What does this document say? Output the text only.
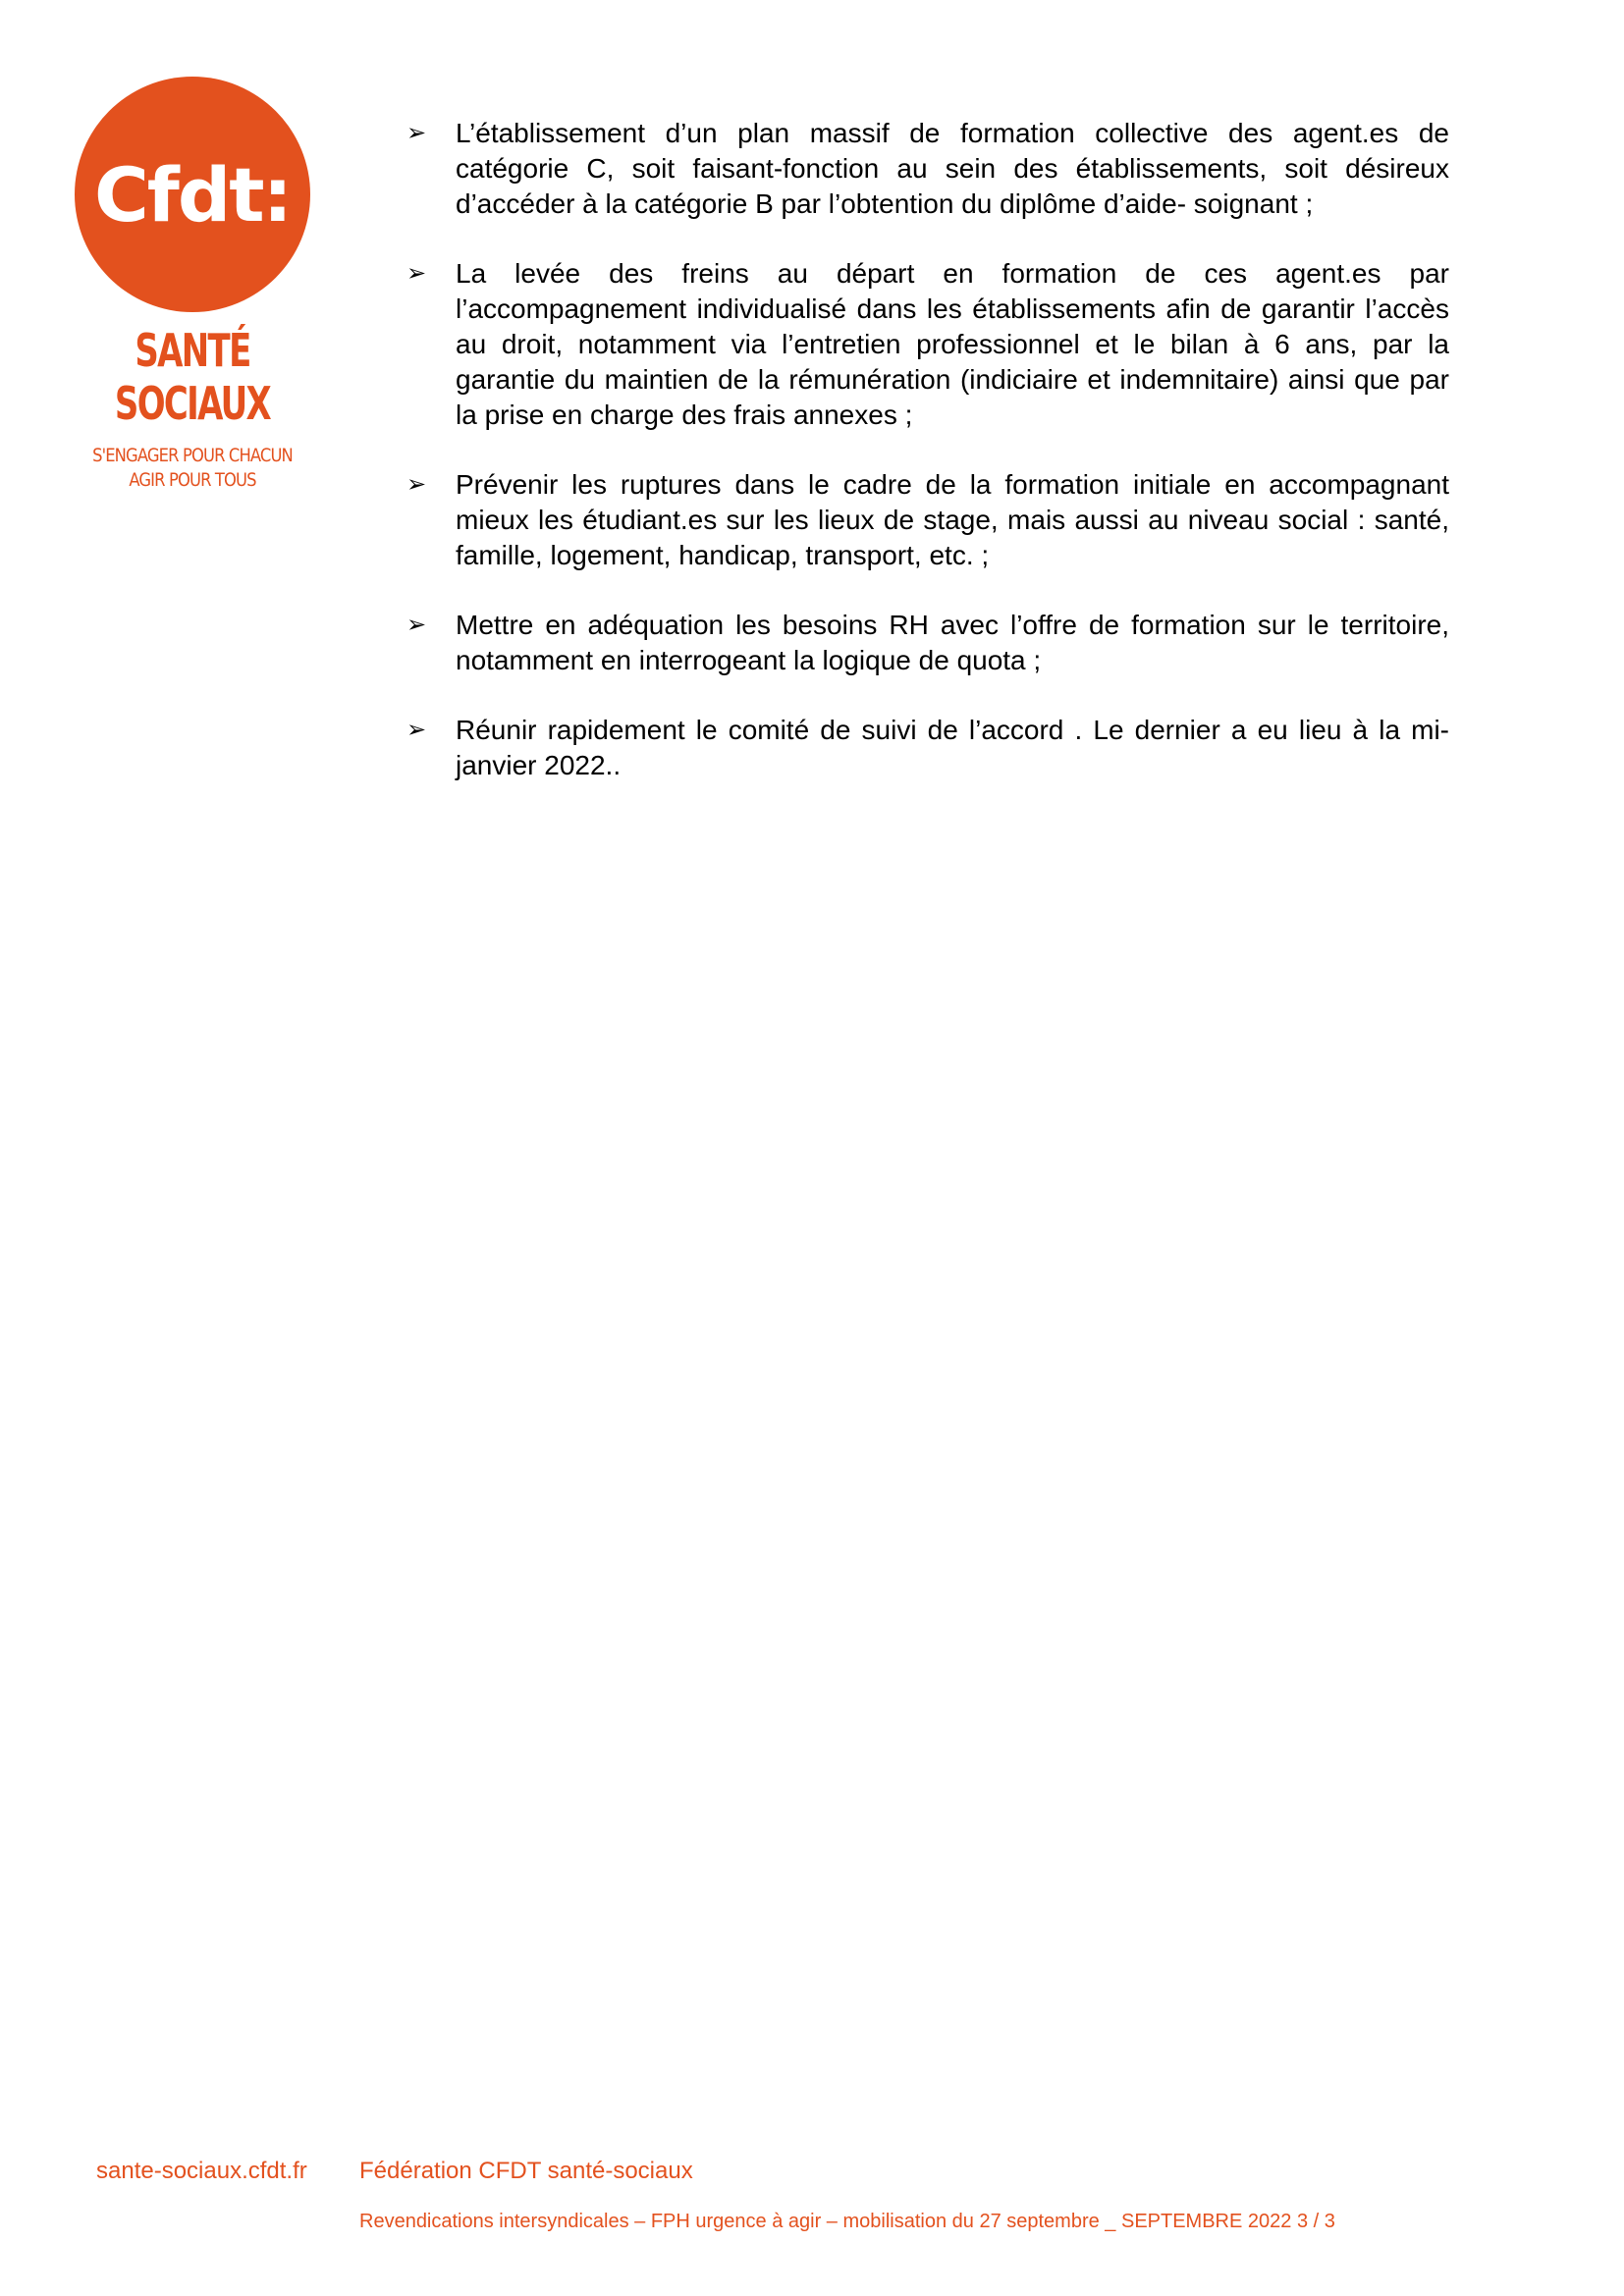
Cfdt:
SANTÉ
SOCIAUX
S'ENGAGER POUR CHACUN
AGIR POUR TOUS
➢ L’établissement d’un plan massif de formation collective des agent.es de catégorie C, soit faisant-fonction au sein des établissements, soit désireux d’accéder à la catégorie B par l’obtention du diplôme d’aide- soignant ;
➢ La levée des freins au départ en formation de ces agent.es par l’accompagnement individualisé dans les établissements afin de garantir l’accès au droit, notamment via l’entretien professionnel et le bilan à 6 ans, par la garantie du maintien de la rémunération (indiciaire et indemnitaire) ainsi que par la prise en charge des frais annexes ;
➢ Prévenir les ruptures dans le cadre de la formation initiale en accompagnant mieux les étudiant.es sur les lieux de stage, mais aussi au niveau social : santé, famille, logement, handicap, transport, etc. ;
➢ Mettre en adéquation les besoins RH avec l’offre de formation sur le territoire, notamment en interrogeant la logique de quota ;
➢ Réunir rapidement le comité de suivi de l’accord . Le dernier a eu lieu à la mi-janvier 2022..
sante-sociaux.cfdt.fr	Fédération CFDT santé-sociaux
Revendications intersyndicales – FPH urgence à agir – mobilisation du 27 septembre _ SEPTEMBRE 2022 3 / 3
